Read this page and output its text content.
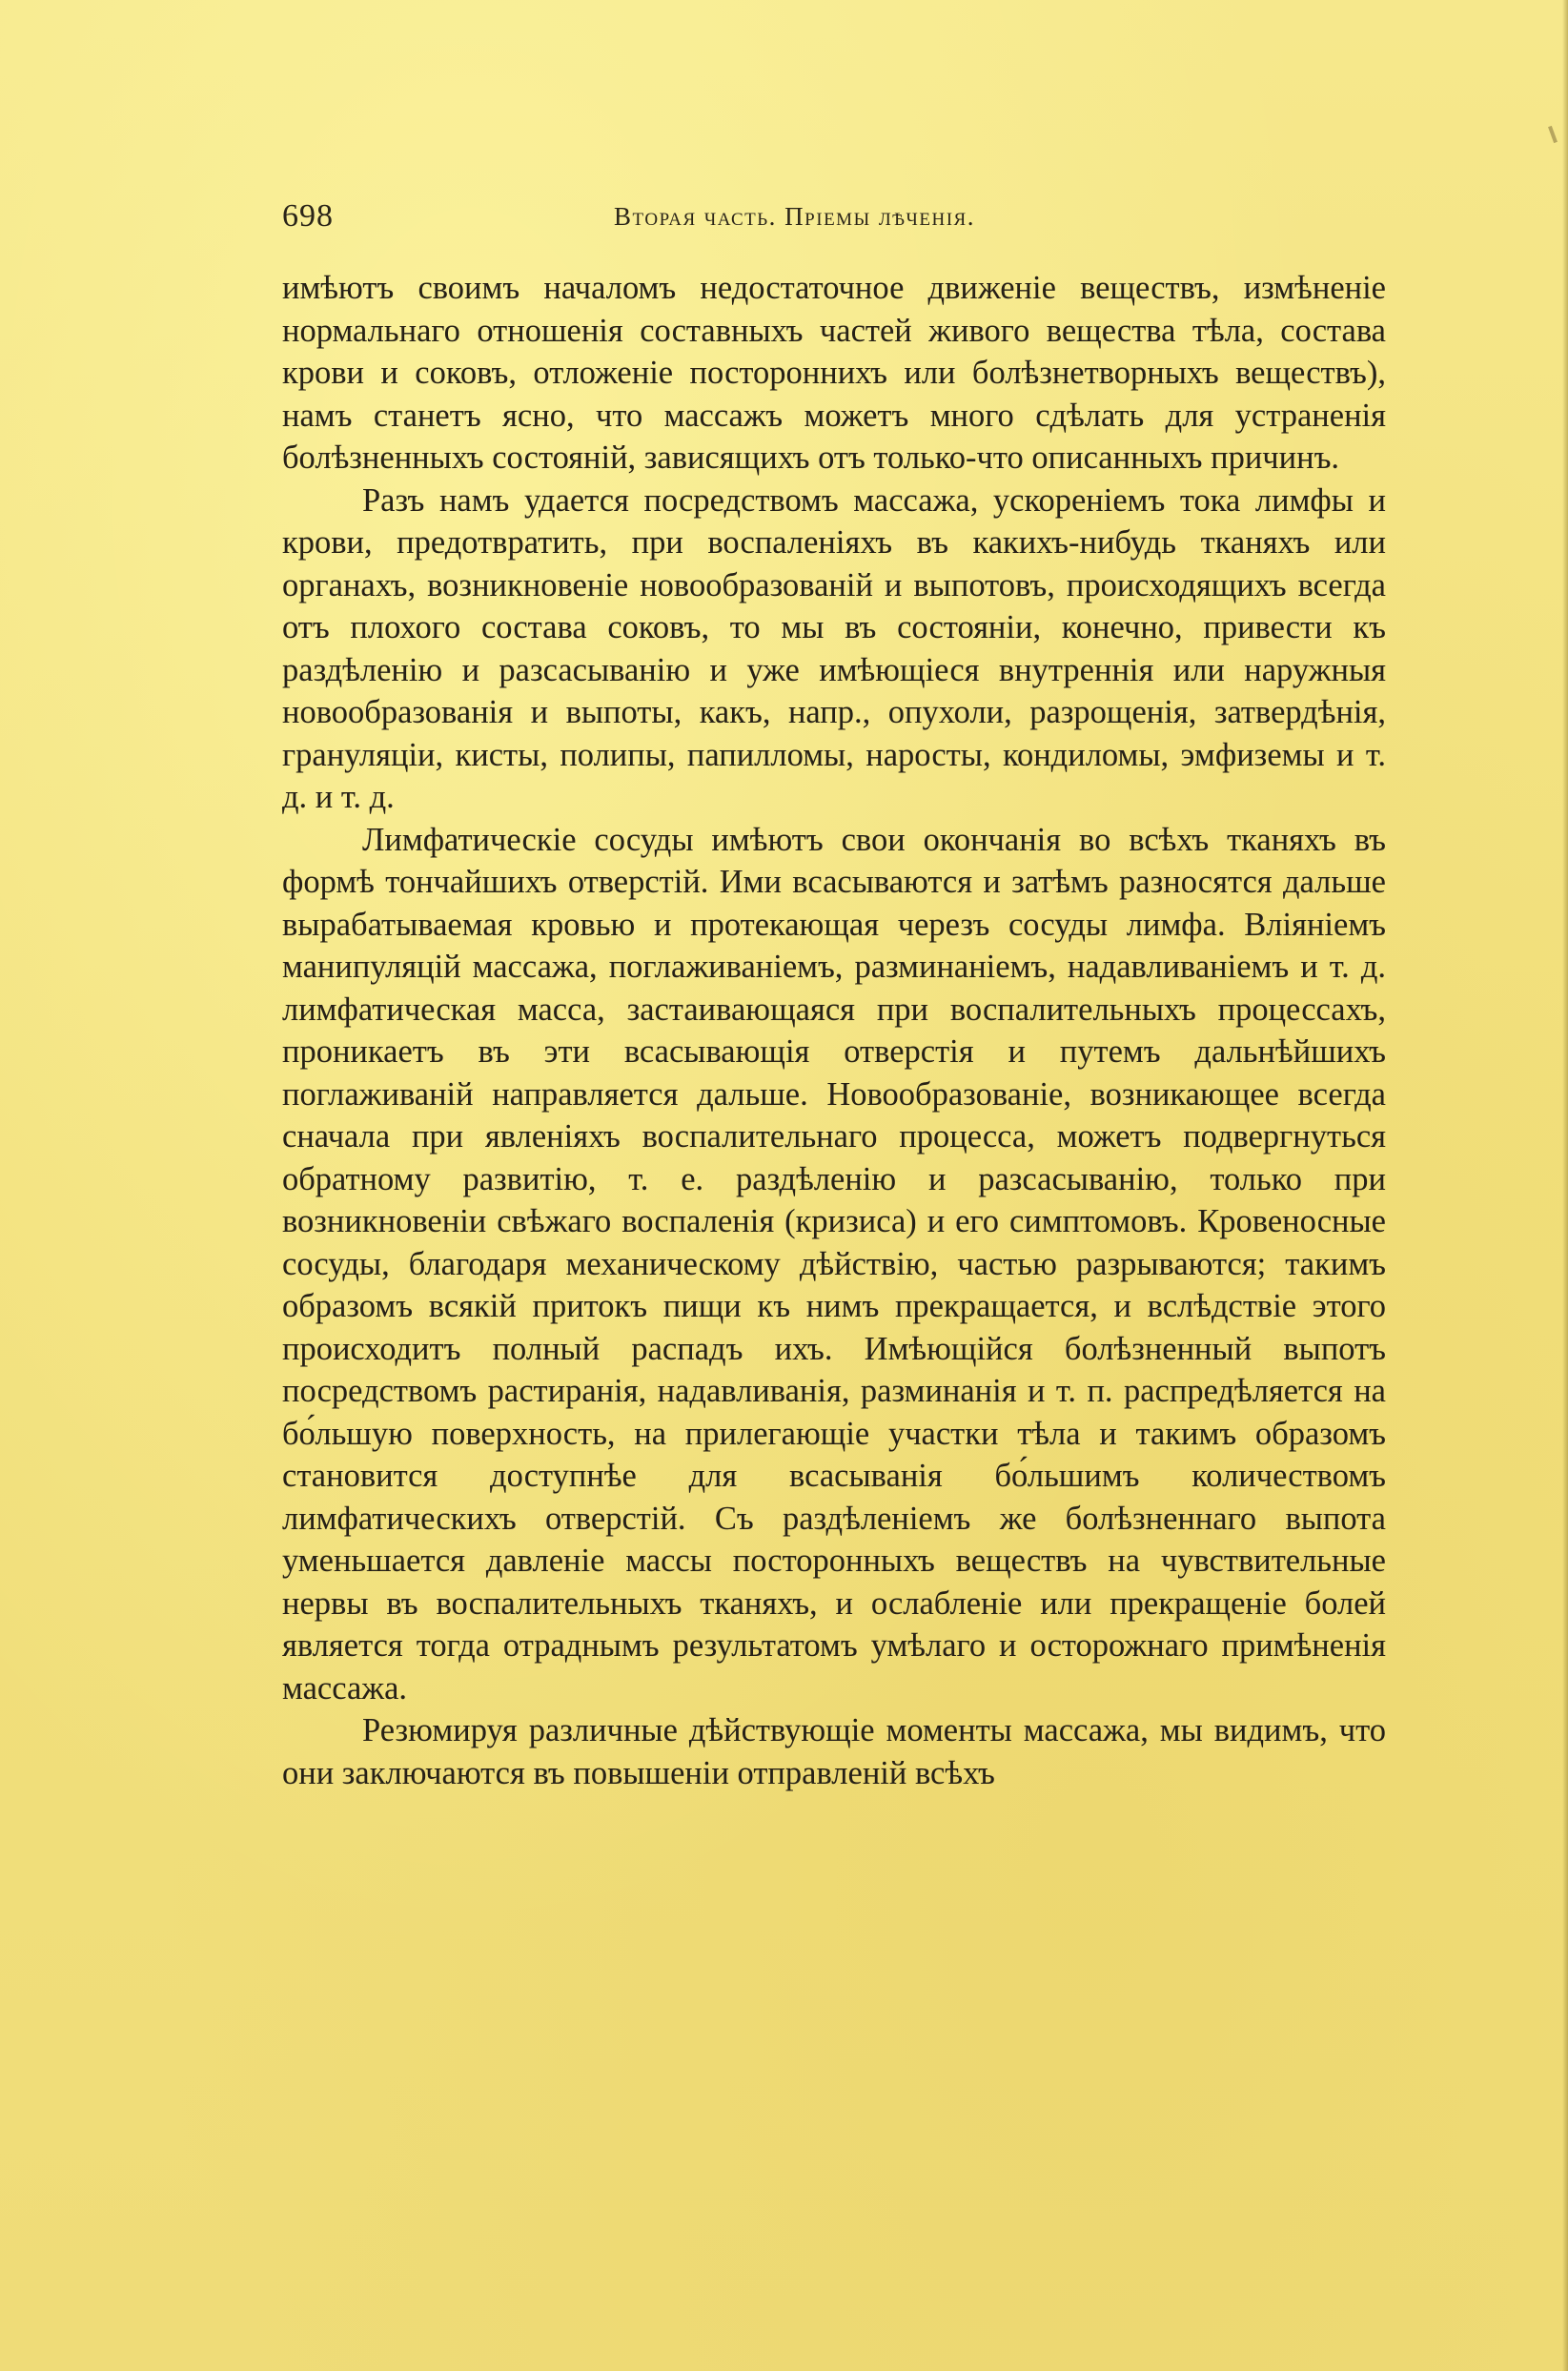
698	Вторая часть. Пріемы лѣченія.

имѣютъ своимъ началомъ недостаточное движеніе веществъ, измѣненіе нормальнаго отношенія составныхъ частей живого вещества тѣла, состава крови и соковъ, отложеніе постороннихъ или болѣзнетворныхъ веществъ), намъ станетъ ясно, что массажъ можетъ много сдѣлать для устраненія болѣзненныхъ состояній, зависящихъ отъ только-что описанныхъ причинъ.

Разъ намъ удается посредствомъ массажа, ускореніемъ тока лимфы и крови, предотвратить, при воспаленіяхъ въ какихъ-нибудь тканяхъ или органахъ, возникновеніе новообразованій и выпотовъ, происходящихъ всегда отъ плохого состава соковъ, то мы въ состояніи, конечно, привести къ раздѣленію и разсасыванію и уже имѣющіеся внутреннія или наружныя новообразованія и выпоты, какъ, напр., опухоли, разрощенія, затвердѣнія, грануляціи, кисты, полипы, папилломы, наросты, кондиломы, эмфиземы и т. д. и т. д.

Лимфатическіе сосуды имѣютъ свои окончанія во всѣхъ тканяхъ въ формѣ тончайшихъ отверстій. Ими всасываются и затѣмъ разносятся дальше вырабатываемая кровью и протекающая черезъ сосуды лимфа. Вліяніемъ манипуляцій массажа, поглаживаніемъ, разминаніемъ, надавливаніемъ и т. д. лимфатическая масса, застаивающаяся при воспалительныхъ процессахъ, проникаетъ въ эти всасывающія отверстія и путемъ дальнѣйшихъ поглаживаній направляется дальше. Новообразованіе, возникающее всегда сначала при явленіяхъ воспалительнаго процесса, можетъ подвергнуться обратному развитію, т. е. раздѣленію и разсасыванію, только при возникновеніи свѣжаго воспаленія (кризиса) и его симптомовъ. Кровеносные сосуды, благодаря механическому дѣйствію, частью разрываются; такимъ образомъ всякій притокъ пищи къ нимъ прекращается, и вслѣдствіе этого происходитъ полный распадъ ихъ. Имѣющійся болѣзненный выпотъ посредствомъ растиранія, надавливанія, разминанія и т. п. распредѣляется на бо́льшую поверхность, на прилегающіе участки тѣла и такимъ образомъ становится доступнѣе для всасыванія бо́льшимъ количествомъ лимфатическихъ отверстій. Съ раздѣленіемъ же болѣзненнаго выпота уменьшается давленіе массы посторонныхъ веществъ на чувствительные нервы въ воспалительныхъ тканяхъ, и ослабленіе или прекращеніе болей является тогда отраднымъ результатомъ умѣлаго и осторожнаго примѣненія массажа.

Резюмируя различные дѣйствующіе моменты массажа, мы видимъ, что они заключаются въ повышеніи отправленій всѣхъ
